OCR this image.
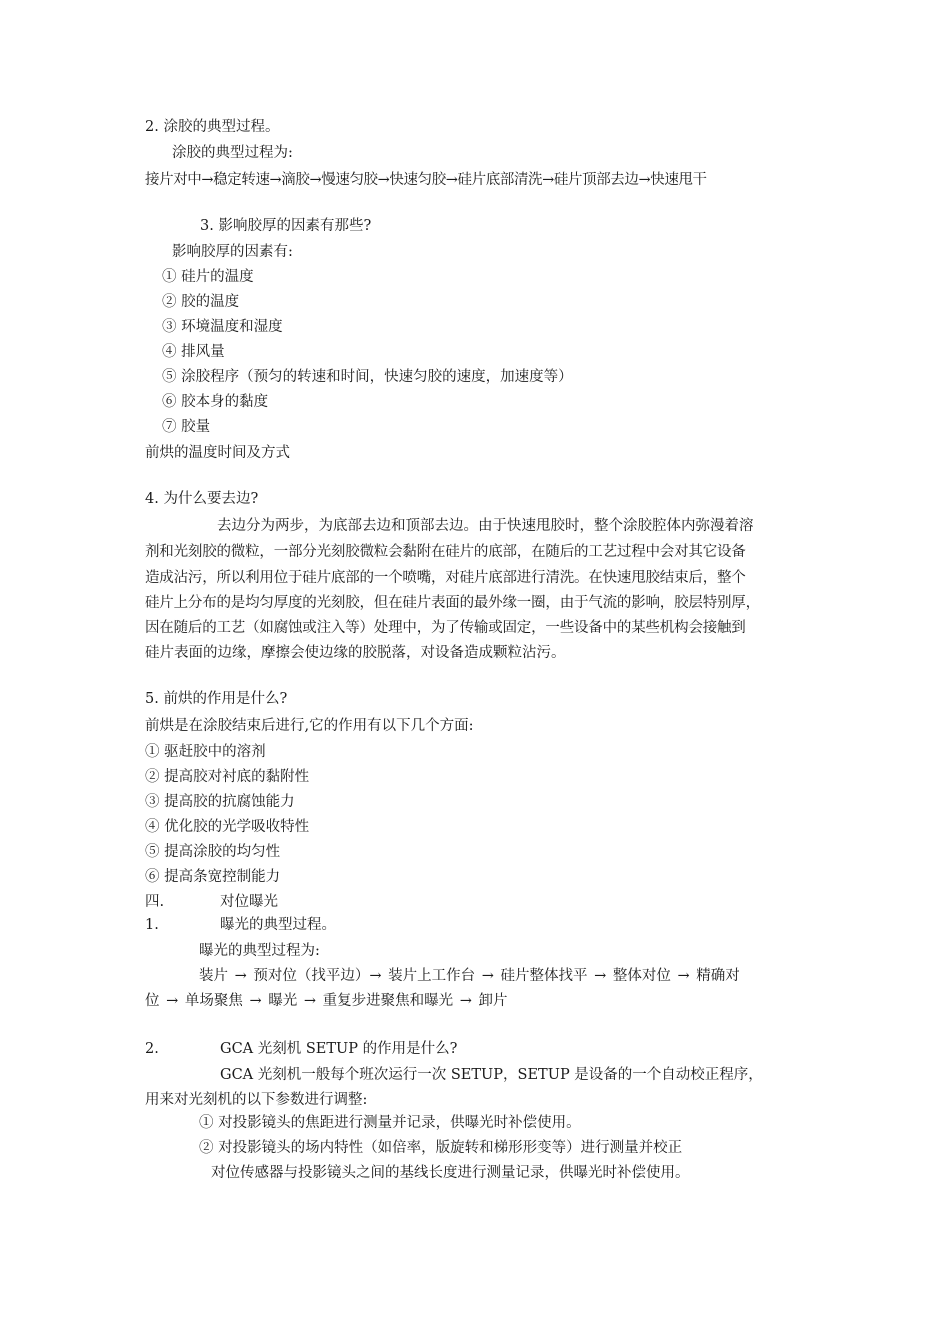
2. 涂胶的典型过程。
涂胶的典型过程为:
接片对中→稳定转速→滴胶→慢速匀胶→快速匀胶→硅片底部清洗→硅片顶部去边→快速甩干
3. 影响胶厚的因素有那些?
影响胶厚的因素有:
① 硅片的温度
② 胶的温度
③ 环境温度和湿度
④ 排风量
⑤ 涂胶程序（预匀的转速和时间，快速匀胶的速度，加速度等）
⑥ 胶本身的黏度
⑦ 胶量
前烘的温度时间及方式
4. 为什么要去边?
去边分为两步，为底部去边和顶部去边。由于快速甩胶时，整个涂胶腔体内弥漫着溶
剂和光刻胶的微粒，一部分光刻胶微粒会黏附在硅片的底部，在随后的工艺过程中会对其它设备
造成沾污，所以利用位于硅片底部的一个喷嘴，对硅片底部进行清洗。在快速甩胶结束后，整个
硅片上分布的是均匀厚度的光刻胶，但在硅片表面的最外缘一圈，由于气流的影响，胶层特别厚，
因在随后的工艺（如腐蚀或注入等）处理中，为了传输或固定，一些设备中的某些机构会接触到
硅片表面的边缘，摩擦会使边缘的胶脱落，对设备造成颗粒沾污。
5. 前烘的作用是什么?
前烘是在涂胶结束后进行,它的作用有以下几个方面:
① 驱赶胶中的溶剂
② 提高胶对衬底的黏附性
③ 提高胶的抗腐蚀能力
④ 优化胶的光学吸收特性
⑤ 提高涂胶的均匀性
⑥ 提高条宽控制能力
四.	对位曝光
1.	曝光的典型过程。
曝光的典型过程为:
装片 → 预对位（找平边）→ 装片上工作台 → 硅片整体找平 → 整体对位 → 精确对
位 → 单场聚焦 → 曝光 → 重复步进聚焦和曝光 → 卸片
2.	GCA 光刻机 SETUP 的作用是什么?
GCA 光刻机一般每个班次运行一次 SETUP，SETUP 是设备的一个自动校正程序，
用来对光刻机的以下参数进行调整:
① 对投影镜头的焦距进行测量并记录，供曝光时补偿使用。
② 对投影镜头的场内特性（如倍率，版旋转和梯形形变等）进行测量并校正
对位传感器与投影镜头之间的基线长度进行测量记录，供曝光时补偿使用。
